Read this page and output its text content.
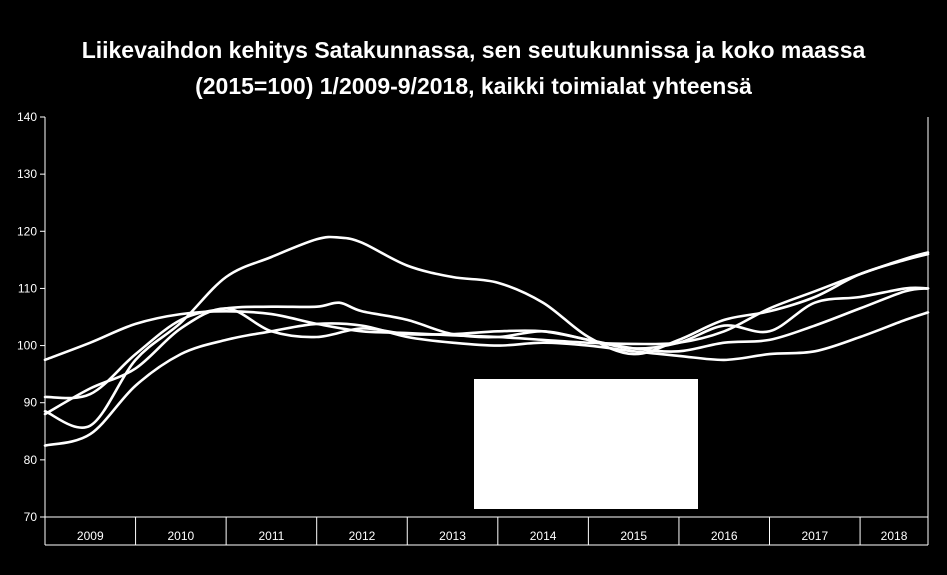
Liikevaihdon kehitys Satakunnassa, sen seutukunnissa ja koko maassa
(2015=100) 1/2009-9/2018, kaikki toimialat yhteensä
70
80
90
100
110
120
130
140
2009	2010	2011	2012	2013	2014	2015	2016	2017	2018
